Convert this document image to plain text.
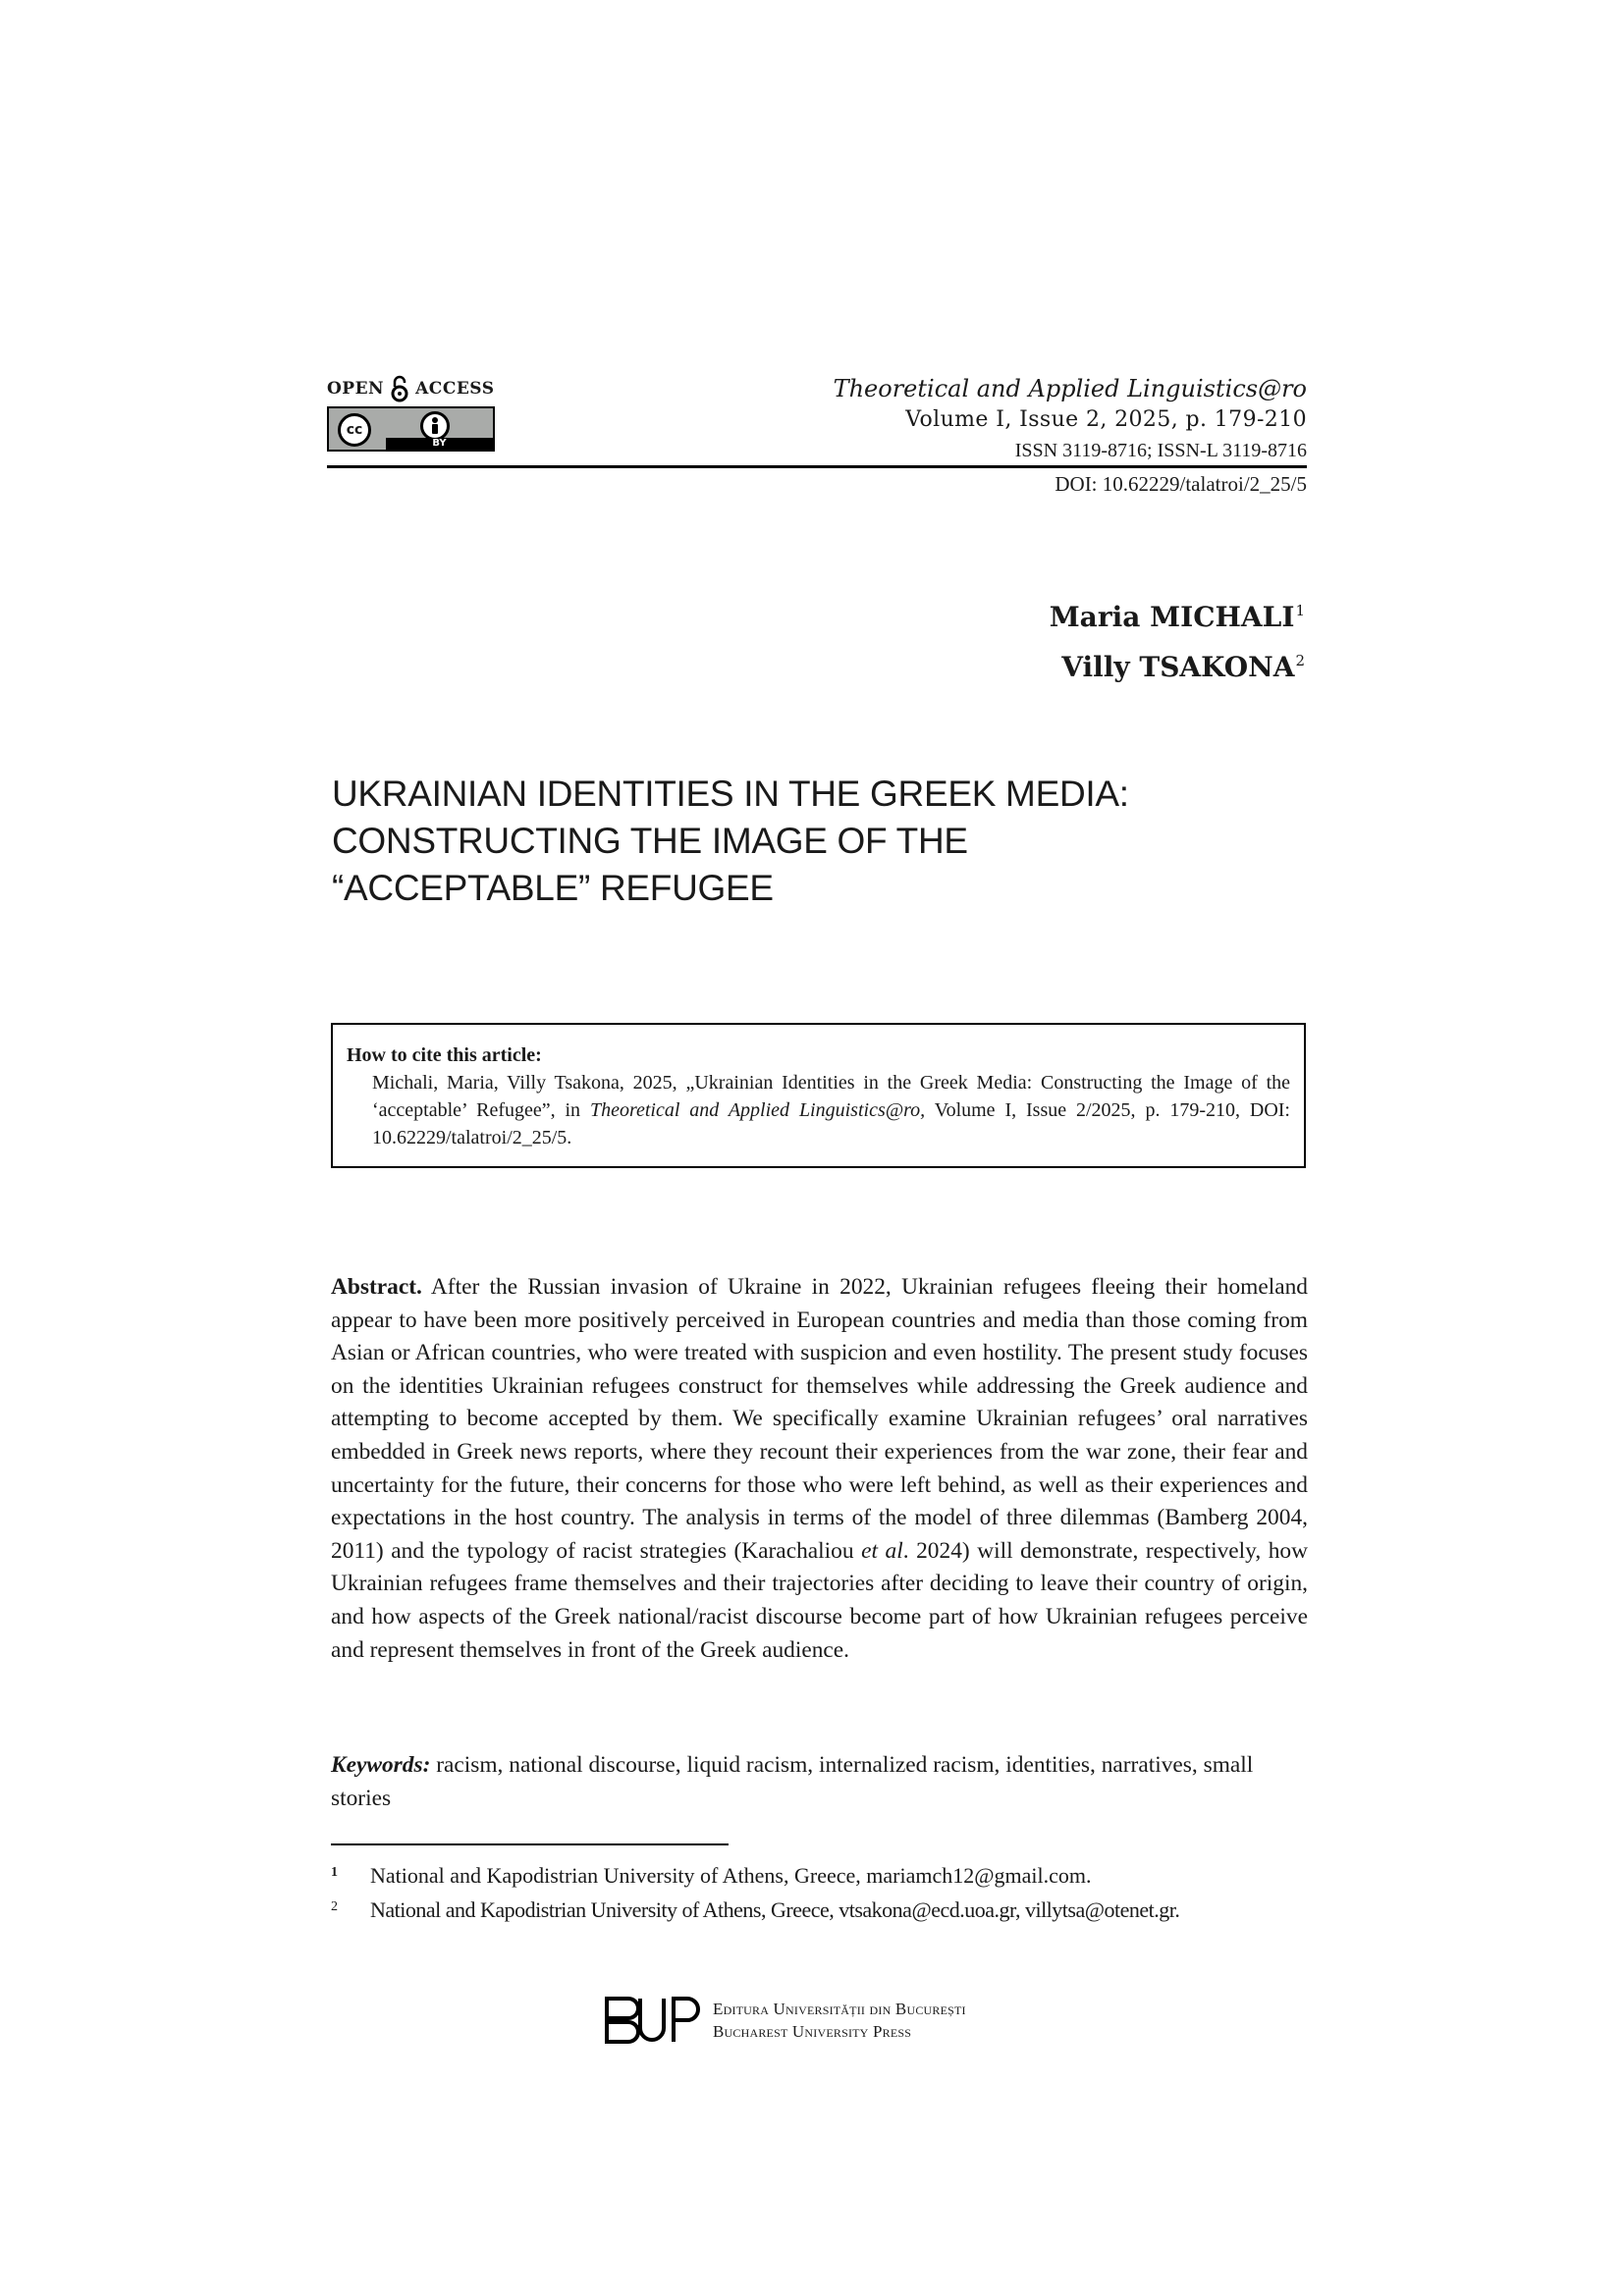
OPEN ACCESS
cc
BY
Theoretical and Applied Linguistics@ro
Volume I, Issue 2, 2025, p. 179-210
ISSN 3119-8716; ISSN-L 3119-8716
DOI: 10.62229/talatroi/2_25/5
Maria MICHALI$^1$
Villy TSAKONA$^2$
UKRAINIAN IDENTITIES IN THE GREEK MEDIA:
CONSTRUCTING THE IMAGE OF THE
“ACCEPTABLE” REFUGEE
How to cite this article:
Michali, Maria, Villy Tsakona, 2025, „Ukrainian Identities in the Greek Media: Constructing the Image of the ‘acceptable’ Refugee”, in Theoretical and Applied Linguistics@ro, Volume I, Issue 2/2025, p. 179-210, DOI: 10.62229/talatroi/2_25/5.
Abstract. After the Russian invasion of Ukraine in 2022, Ukrainian refugees fleeing their homeland appear to have been more positively perceived in European countries and media than those coming from Asian or African countries, who were treated with suspicion and even hostility. The present study focuses on the identities Ukrainian refugees construct for themselves while addressing the Greek audience and attempting to become accepted by them. We specifically examine Ukrainian refugees’ oral narratives embedded in Greek news reports, where they recount their experiences from the war zone, their fear and uncertainty for the future, their concerns for those who were left behind, as well as their experiences and expectations in the host country. The analysis in terms of the model of three dilemmas (Bamberg 2004, 2011) and the typology of racist strategies (Karachaliou et al. 2024) will demonstrate, respectively, how Ukrainian refugees frame themselves and their trajectories after deciding to leave their country of origin, and how aspects of the Greek national/racist discourse become part of how Ukrainian refugees perceive and represent themselves in front of the Greek audience.
Keywords: racism, national discourse, liquid racism, internalized racism, identities, narratives, small stories
1 National and Kapodistrian University of Athens, Greece, mariamch12@gmail.com.
2 National and Kapodistrian University of Athens, Greece, vtsakona@ecd.uoa.gr, villytsa@otenet.gr.
Editura Universității din București
Bucharest University Press
